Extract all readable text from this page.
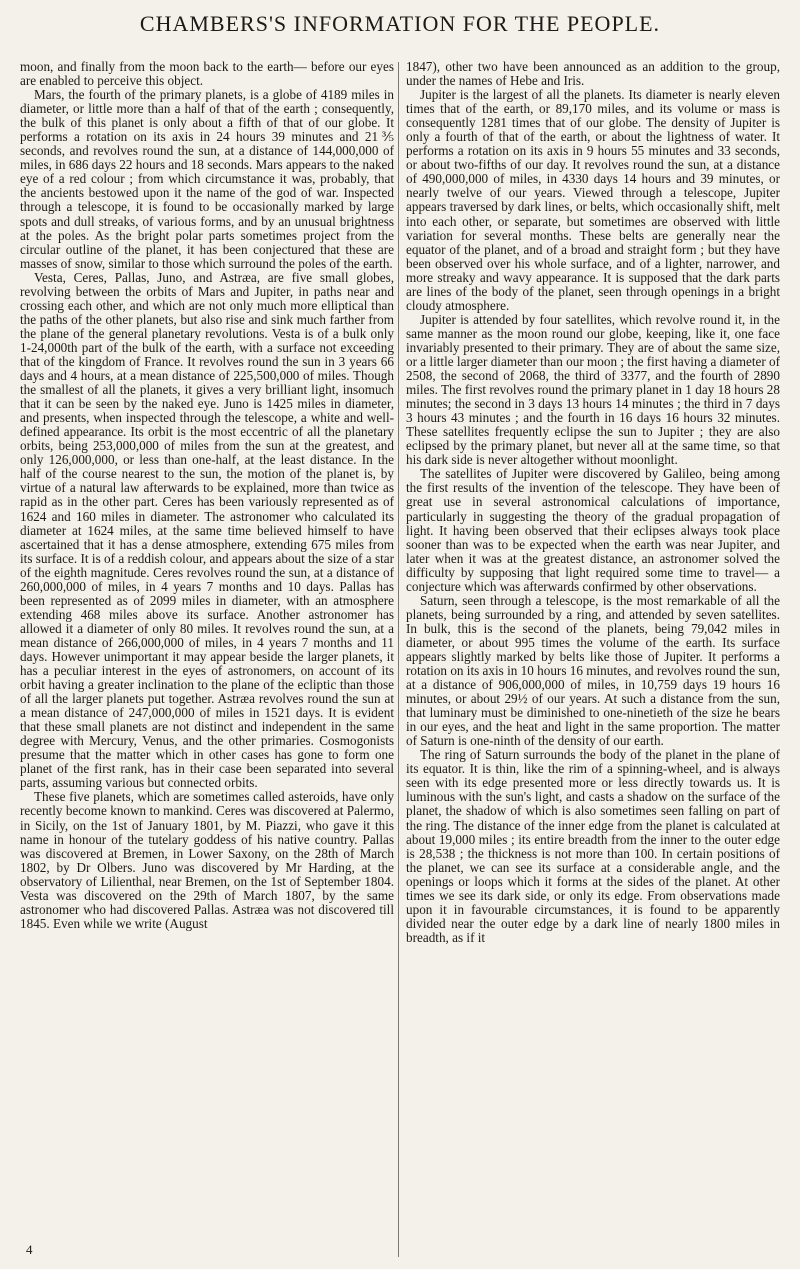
CHAMBERS'S INFORMATION FOR THE PEOPLE.

moon, and finally from the moon back to the earth— before our eyes are enabled to perceive this object.

Mars, the fourth of the primary planets, is a globe of 4189 miles in diameter, or little more than a half of that of the earth ; consequently, the bulk of this planet is only about a fifth of that of our globe. It performs a rotation on its axis in 24 hours 39 minutes and 21⅗ seconds, and revolves round the sun, at a distance of 144,000,000 of miles, in 686 days 22 hours and 18 seconds. Mars appears to the naked eye of a red colour ; from which circumstance it was, probably, that the ancients bestowed upon it the name of the god of war. Inspected through a telescope, it is found to be occasionally marked by large spots and dull streaks, of various forms, and by an unusual brightness at the poles. As the bright polar parts sometimes project from the circular outline of the planet, it has been conjectured that these are masses of snow, similar to those which surround the poles of the earth.

Vesta, Ceres, Pallas, Juno, and Astræa, are five small globes, revolving between the orbits of Mars and Jupiter, in paths near and crossing each other, and which are not only much more elliptical than the paths of the other planets, but also rise and sink much farther from the plane of the general planetary revolutions. Vesta is of a bulk only 1-24,000th part of the bulk of the earth, with a surface not exceeding that of the kingdom of France. It revolves round the sun in 3 years 66 days and 4 hours, at a mean distance of 225,500,000 of miles. Though the smallest of all the planets, it gives a very brilliant light, insomuch that it can be seen by the naked eye. Juno is 1425 miles in diameter, and presents, when inspected through the telescope, a white and well-defined appearance. Its orbit is the most eccentric of all the planetary orbits, being 253,000,000 of miles from the sun at the greatest, and only 126,000,000, or less than one-half, at the least distance. In the half of the course nearest to the sun, the motion of the planet is, by virtue of a natural law afterwards to be explained, more than twice as rapid as in the other part. Ceres has been variously represented as of 1624 and 160 miles in diameter. The astronomer who calculated its diameter at 1624 miles, at the same time believed himself to have ascertained that it has a dense atmosphere, extending 675 miles from its surface. It is of a reddish colour, and appears about the size of a star of the eighth magnitude. Ceres revolves round the sun, at a distance of 260,000,000 of miles, in 4 years 7 months and 10 days. Pallas has been represented as of 2099 miles in diameter, with an atmosphere extending 468 miles above its surface. Another astronomer has allowed it a diameter of only 80 miles. It revolves round the sun, at a mean distance of 266,000,000 of miles, in 4 years 7 months and 11 days. However unimportant it may appear beside the larger planets, it has a peculiar interest in the eyes of astronomers, on account of its orbit having a greater inclination to the plane of the ecliptic than those of all the larger planets put together. Astræa revolves round the sun at a mean distance of 247,000,000 of miles in 1521 days. It is evident that these small planets are not distinct and independent in the same degree with Mercury, Venus, and the other primaries. Cosmogonists presume that the matter which in other cases has gone to form one planet of the first rank, has in their case been separated into several parts, assuming various but connected orbits.

These five planets, which are sometimes called asteroids, have only recently become known to mankind. Ceres was discovered at Palermo, in Sicily, on the 1st of January 1801, by M. Piazzi, who gave it this name in honour of the tutelary goddess of his native country. Pallas was discovered at Bremen, in Lower Saxony, on the 28th of March 1802, by Dr Olbers. Juno was discovered by Mr Harding, at the observatory of Lilienthal, near Bremen, on the 1st of September 1804. Vesta was discovered on the 29th of March 1807, by the same astronomer who had discovered Pallas. Astræa was not discovered till 1845. Even while we write (August

1847), other two have been announced as an addition to the group, under the names of Hebe and Iris.

Jupiter is the largest of all the planets. Its diameter is nearly eleven times that of the earth, or 89,170 miles, and its volume or mass is consequently 1281 times that of our globe. The density of Jupiter is only a fourth of that of the earth, or about the lightness of water. It performs a rotation on its axis in 9 hours 55 minutes and 33 seconds, or about two-fifths of our day. It revolves round the sun, at a distance of 490,000,000 of miles, in 4330 days 14 hours and 39 minutes, or nearly twelve of our years. Viewed through a telescope, Jupiter appears traversed by dark lines, or belts, which occasionally shift, melt into each other, or separate, but sometimes are observed with little variation for several months. These belts are generally near the equator of the planet, and of a broad and straight form ; but they have been observed over his whole surface, and of a lighter, narrower, and more streaky and wavy appearance. It is supposed that the dark parts are lines of the body of the planet, seen through openings in a bright cloudy atmosphere.

Jupiter is attended by four satellites, which revolve round it, in the same manner as the moon round our globe, keeping, like it, one face invariably presented to their primary. They are of about the same size, or a little larger diameter than our moon ; the first having a diameter of 2508, the second of 2068, the third of 3377, and the fourth of 2890 miles. The first revolves round the primary planet in 1 day 18 hours 28 minutes; the second in 3 days 13 hours 14 minutes ; the third in 7 days 3 hours 43 minutes ; and the fourth in 16 days 16 hours 32 minutes. These satellites frequently eclipse the sun to Jupiter ; they are also eclipsed by the primary planet, but never all at the same time, so that his dark side is never altogether without moonlight.

The satellites of Jupiter were discovered by Galileo, being among the first results of the invention of the telescope. They have been of great use in several astronomical calculations of importance, particularly in suggesting the theory of the gradual propagation of light. It having been observed that their eclipses always took place sooner than was to be expected when the earth was near Jupiter, and later when it was at the greatest distance, an astronomer solved the difficulty by supposing that light required some time to travel— a conjecture which was afterwards confirmed by other observations.

Saturn, seen through a telescope, is the most remarkable of all the planets, being surrounded by a ring, and attended by seven satellites. In bulk, this is the second of the planets, being 79,042 miles in diameter, or about 995 times the volume of the earth. Its surface appears slightly marked by belts like those of Jupiter. It performs a rotation on its axis in 10 hours 16 minutes, and revolves round the sun, at a distance of 906,000,000 of miles, in 10,759 days 19 hours 16 minutes, or about 29½ of our years. At such a distance from the sun, that luminary must be diminished to one-ninetieth of the size he bears in our eyes, and the heat and light in the same proportion. The matter of Saturn is one-ninth of the density of our earth.

The ring of Saturn surrounds the body of the planet in the plane of its equator. It is thin, like the rim of a spinning-wheel, and is always seen with its edge presented more or less directly towards us. It is luminous with the sun's light, and casts a shadow on the surface of the planet, the shadow of which is also sometimes seen falling on part of the ring. The distance of the inner edge from the planet is calculated at about 19,000 miles ; its entire breadth from the inner to the outer edge is 28,538 ; the thickness is not more than 100. In certain positions of the planet, we can see its surface at a considerable angle, and the openings or loops which it forms at the sides of the planet. At other times we see its dark side, or only its edge. From observations made upon it in favourable circumstances, it is found to be apparently divided near the outer edge by a dark line of nearly 1800 miles in breadth, as if it

4
